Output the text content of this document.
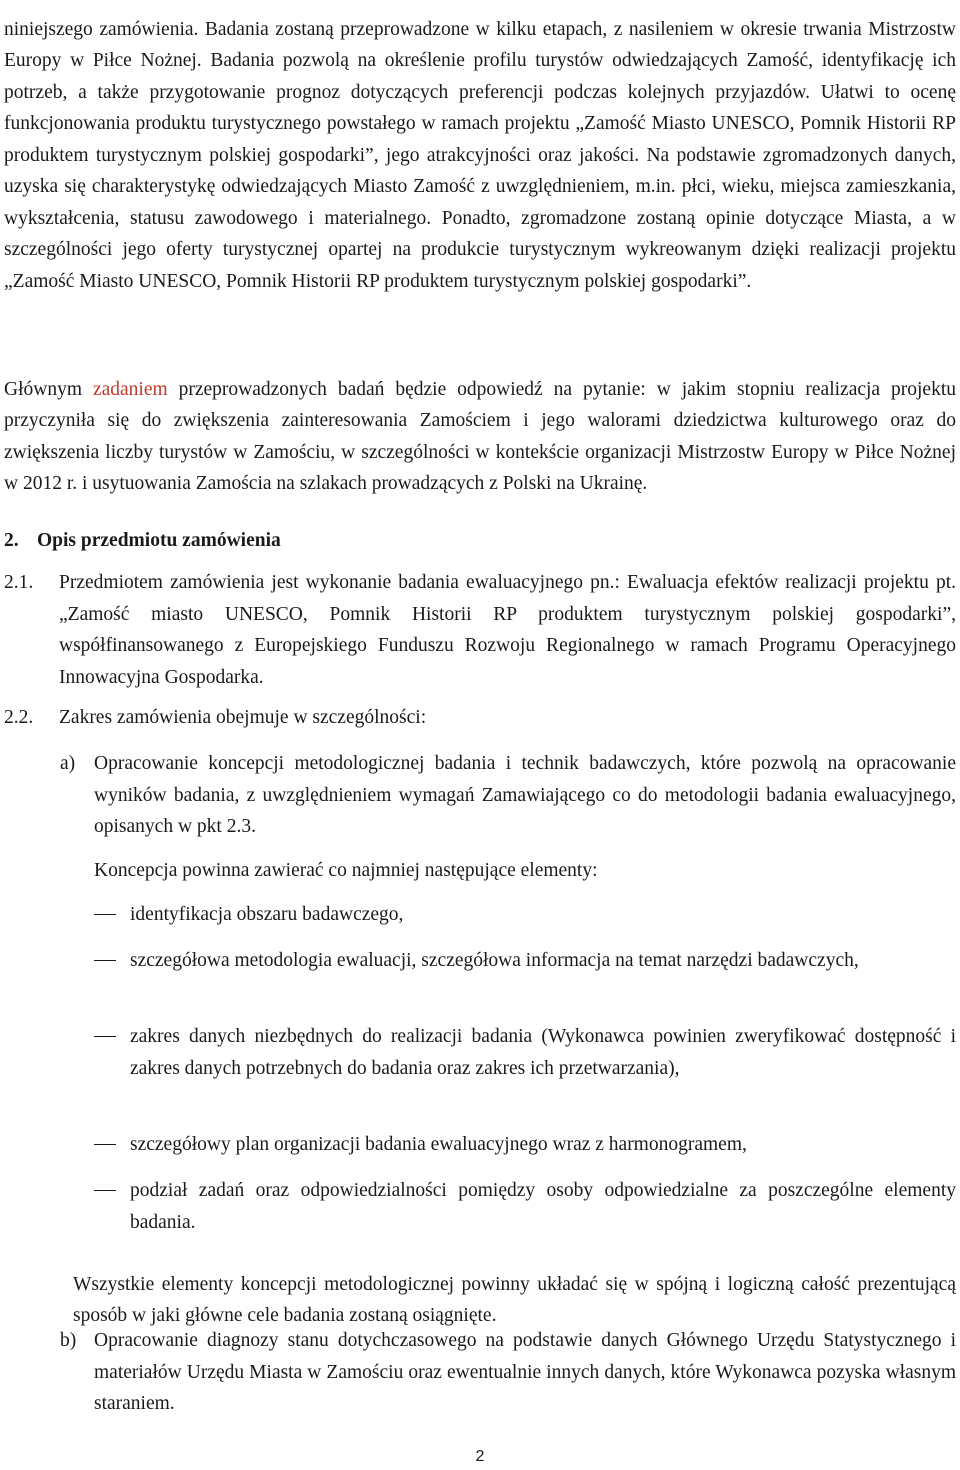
niniejszego zamówienia. Badania zostaną przeprowadzone w kilku etapach, z nasileniem w okresie trwania Mistrzostw Europy w Piłce Nożnej. Badania pozwolą na określenie profilu turystów odwiedzających Zamość, identyfikację ich potrzeb, a także przygotowanie prognoz dotyczących preferencji podczas kolejnych przyjazdów. Ułatwi to ocenę funkcjonowania produktu turystycznego powstałego w ramach projektu „Zamość Miasto UNESCO, Pomnik Historii RP produktem turystycznym polskiej gospodarki”, jego atrakcyjności oraz jakości. Na podstawie zgromadzonych danych, uzyska się charakterystykę odwiedzających Miasto Zamość z uwzględnieniem, m.in. płci, wieku, miejsca zamieszkania, wykształcenia, statusu zawodowego i materialnego. Ponadto, zgromadzone zostaną opinie dotyczące Miasta, a w szczególności jego oferty turystycznej opartej na produkcie turystycznym wykreowanym dzięki realizacji projektu „Zamość Miasto UNESCO, Pomnik Historii RP produktem turystycznym polskiej gospodarki”.

Głównym zadaniem przeprowadzonych badań będzie odpowiedź na pytanie: w jakim stopniu realizacja projektu przyczyniła się do zwiększenia zainteresowania Zamościem i jego walorami dziedzictwa kulturowego oraz do zwiększenia liczby turystów w Zamościu, w szczególności w kontekście organizacji Mistrzostw Europy w Piłce Nożnej w 2012 r. i usytuowania Zamościa na szlakach prowadzących z Polski na Ukrainę.

2. Opis przedmiotu zamówienia
2.1. Przedmiotem zamówienia jest wykonanie badania ewaluacyjnego pn.: Ewaluacja efektów realizacji projektu pt. „Zamość miasto UNESCO, Pomnik Historii RP produktem turystycznym polskiej gospodarki”, współfinansowanego z Europejskiego Funduszu Rozwoju Regionalnego w ramach Programu Operacyjnego Innowacyjna Gospodarka.
2.2. Zakres zamówienia obejmuje w szczególności:
a) Opracowanie koncepcji metodologicznej badania i technik badawczych, które pozwolą na opracowanie wyników badania, z uwzględnieniem wymagań Zamawiającego co do metodologii badania ewaluacyjnego, opisanych w pkt 2.3.
Koncepcja powinna zawierać co najmniej następujące elementy:
identyfikacja obszaru badawczego,
szczegółowa metodologia ewaluacji, szczegółowa informacja na temat narzędzi badawczych,
zakres danych niezbędnych do realizacji badania (Wykonawca powinien zweryfikować dostępność i zakres danych potrzebnych do badania oraz zakres ich przetwarzania),
szczegółowy plan organizacji badania ewaluacyjnego wraz z harmonogramem,
podział zadań oraz odpowiedzialności pomiędzy osoby odpowiedzialne za poszczególne elementy badania.

Wszystkie elementy koncepcji metodologicznej powinny układać się w spójną i logiczną całość prezentującą sposób w jaki główne cele badania zostaną osiągnięte.

b) Opracowanie diagnozy stanu dotychczasowego na podstawie danych Głównego Urzędu Statystycznego i materiałów Urzędu Miasta w Zamościu oraz ewentualnie innych danych, które Wykonawca pozyska własnym staraniem.
2
